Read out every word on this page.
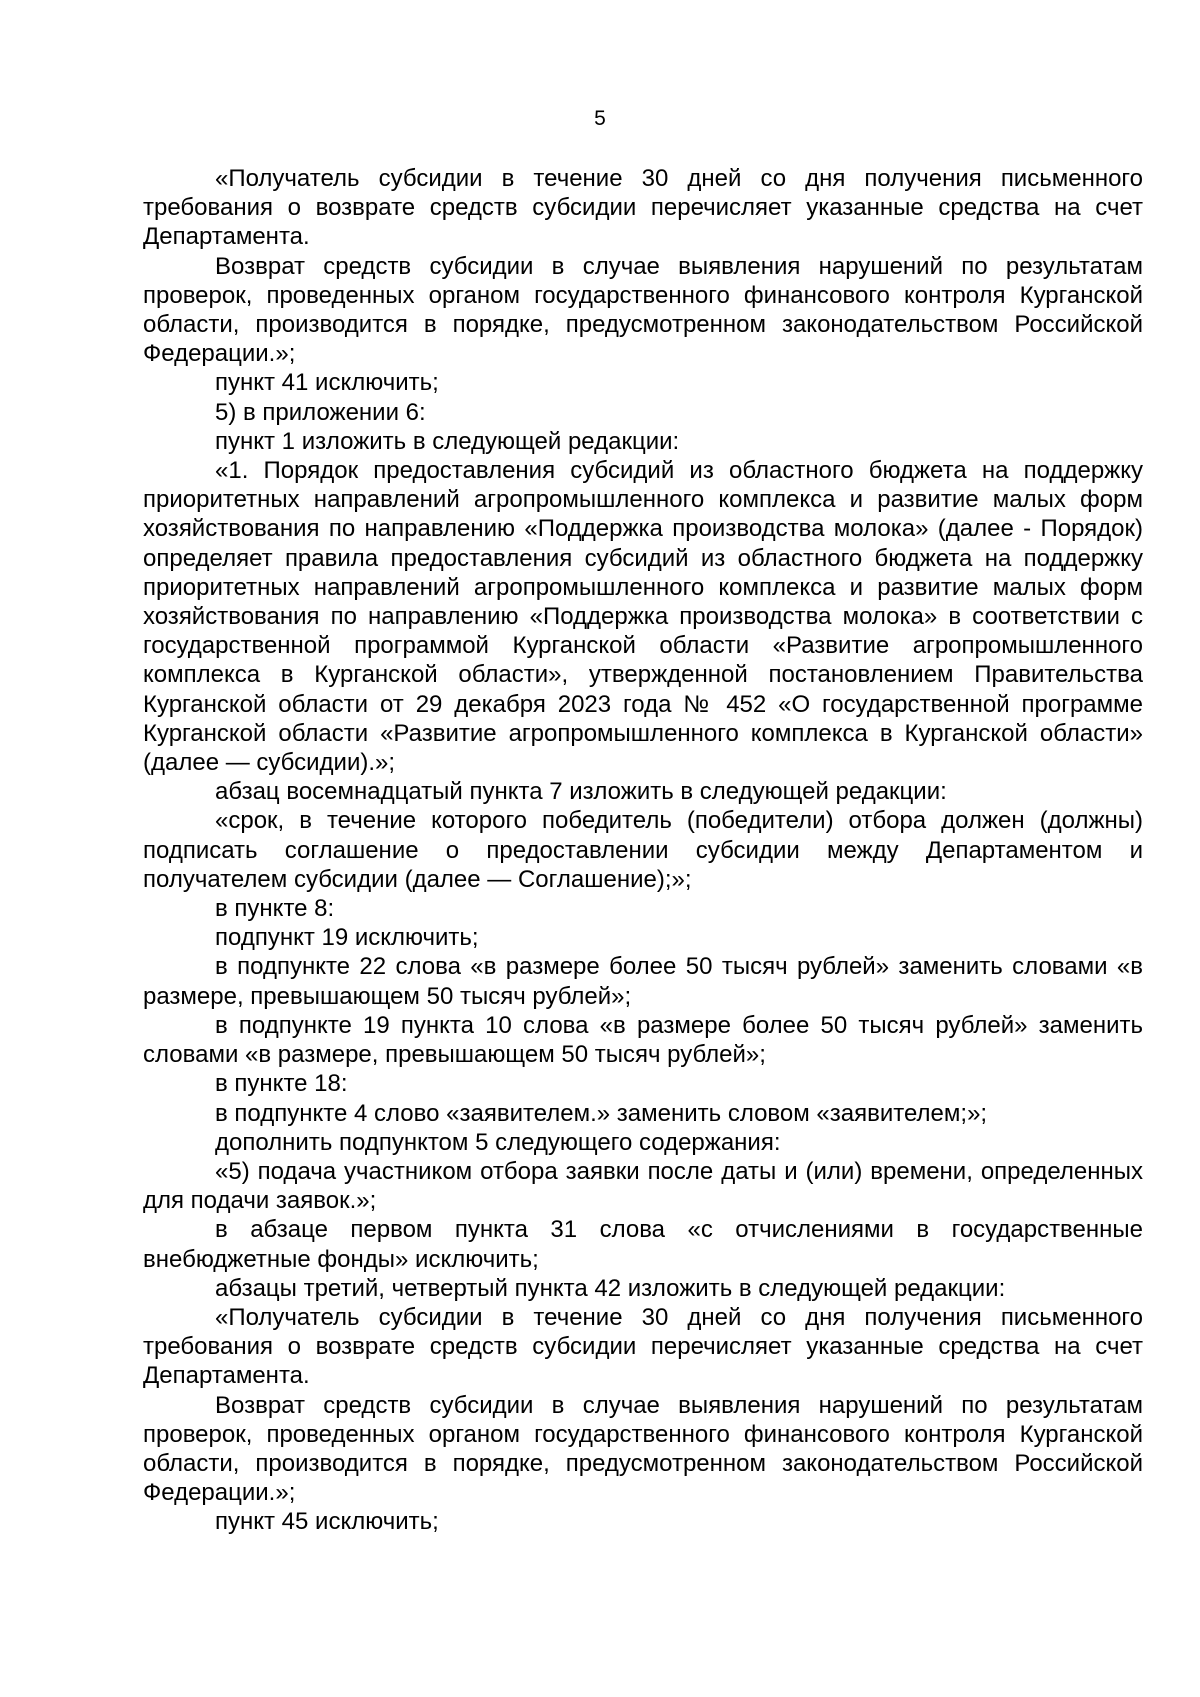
5

«Получатель субсидии в течение 30 дней со дня получения письменного требования о возврате средств субсидии перечисляет указанные средства на счет Департамента.

Возврат средств субсидии в случае выявления нарушений по результатам проверок, проведенных органом государственного финансового контроля Курганской области, производится в порядке, предусмотренном законодательством Российской Федерации.»;

пункт 41 исключить;

5) в приложении 6:

пункт 1 изложить в следующей редакции:

«1. Порядок предоставления субсидий из областного бюджета на поддержку приоритетных направлений агропромышленного комплекса и развитие малых форм хозяйствования по направлению «Поддержка производства молока» (далее - Порядок) определяет правила предоставления субсидий из областного бюджета на поддержку приоритетных направлений агропромышленного комплекса и развитие малых форм хозяйствования по направлению «Поддержка производства молока» в соответствии с государственной программой Курганской области «Развитие агропромышленного комплекса в Курганской области», утвержденной постановлением Правительства Курганской области от 29 декабря 2023 года № 452 «О государственной программе Курганской области «Развитие агропромышленного комплекса в Курганской области» (далее — субсидии).»;

абзац восемнадцатый пункта 7 изложить в следующей редакции:

«срок, в течение которого победитель (победители) отбора должен (должны) подписать соглашение о предоставлении субсидии между Департаментом и получателем субсидии (далее — Соглашение);»;

в пункте 8:

подпункт 19 исключить;

в подпункте 22 слова «в размере более 50 тысяч рублей» заменить словами «в размере, превышающем 50 тысяч рублей»;

в подпункте 19 пункта 10 слова «в размере более 50 тысяч рублей» заменить словами «в размере, превышающем 50 тысяч рублей»;

в пункте 18:

в подпункте 4 слово «заявителем.» заменить словом «заявителем;»;

дополнить подпунктом 5 следующего содержания:

«5) подача участником отбора заявки после даты и (или) времени, определенных для подачи заявок.»;

в абзаце первом пункта 31 слова «с отчислениями в государственные внебюджетные фонды» исключить;

абзацы третий, четвертый пункта 42 изложить в следующей редакции:

«Получатель субсидии в течение 30 дней со дня получения письменного требования о возврате средств субсидии перечисляет указанные средства на счет Департамента.

Возврат средств субсидии в случае выявления нарушений по результатам проверок, проведенных органом государственного финансового контроля Курганской области, производится в порядке, предусмотренном законодательством Российской Федерации.»;

пункт 45 исключить;
